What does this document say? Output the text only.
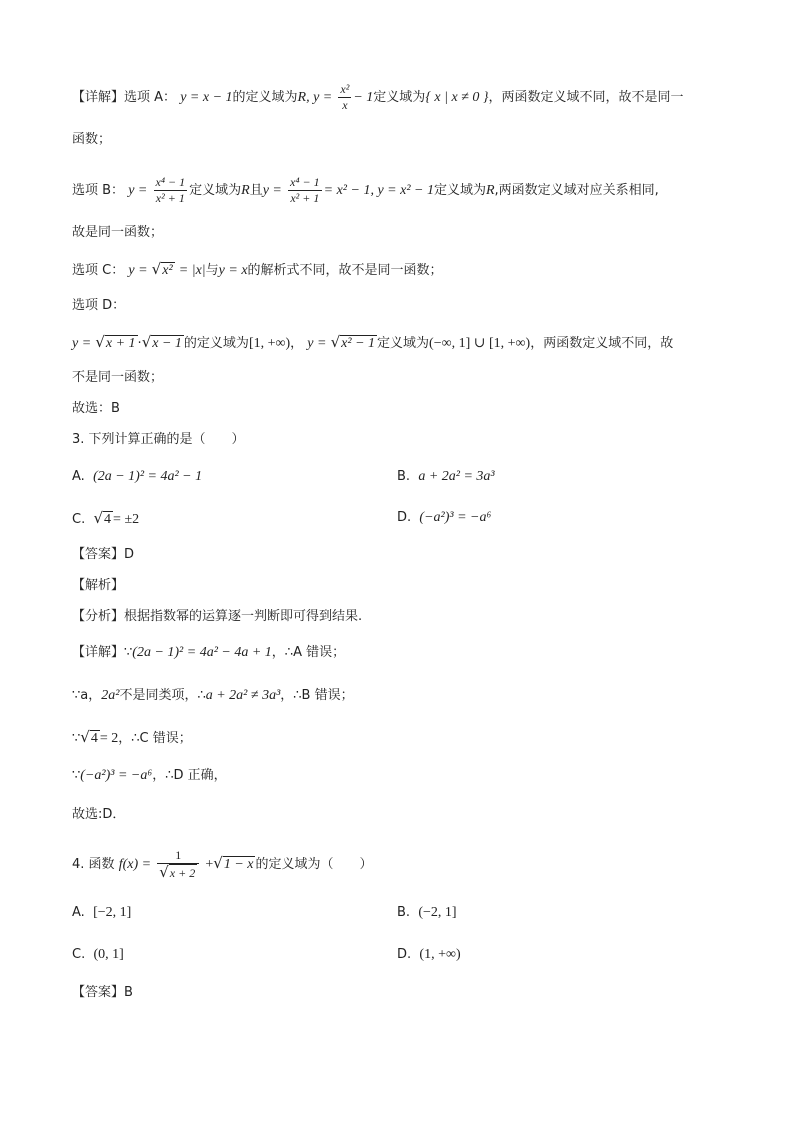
【详解】选项 A： y = x − 1的定义域为R, $y = \frac{\text{x²}}{x} - 1$定义域为{ x | x ≠ 0 }，两函数定义域不同，故不是同一
函数；
选项 B： $y = \frac{\text{x⁴ − 1}}{\text{x² + 1}}$ 定义域为R且$y = \frac{\text{x⁴ − 1}}{\text{x² + 1}} = x^2 - 1$, y = x² − 1定义域为R,两函数定义域对应关系相同,
故是同一函数；
选项 C： y = √x² = |x|与y = x的解析式不同，故不是同一函数；
选项 D：
y = √x + 1 ·√x − 1 的定义域为[1, +∞)， y = √x² − 1 定义域为(−∞, 1] ∪ [1, +∞)，两函数定义域不同，故
不是同一函数；
故选：B
3. 下列计算正确的是（　　）
A. (2a − 1)² = 4a² − 1	B. a + 2a² = 3a³
C. √4 = ±2	D. (−a²)³ = −a⁶
【答案】D
【解析】
【分析】根据指数幂的运算逐一判断即可得到结果.
【详解】∵(2a − 1)² = 4a² − 4a + 1，∴A 错误；
∵a，2a²不是同类项，∴a + 2a² ≠ 3a³，∴B 错误；
∵√4 = 2，∴C 错误；
∵(−a²)³ = −a⁶，∴D 正确，
故选:D．
4. 函数 $f(x) = \frac{1}{√x + 2} +√1 - x$ 的定义域为（　　）
A. [−2, 1]	B. (−2, 1]
C. (0, 1]	D. (1, +∞)
【答案】B
